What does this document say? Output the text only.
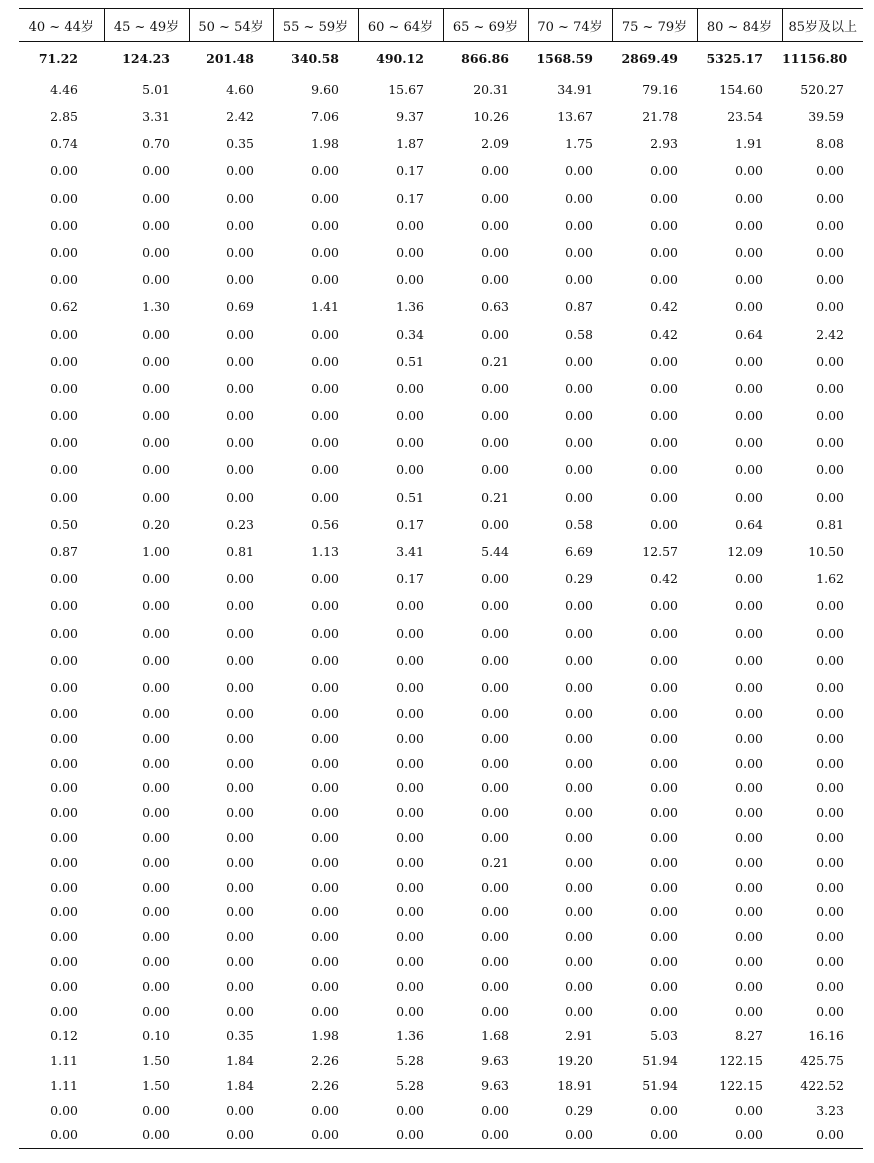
40 ~ 44岁	45 ~ 49岁	50 ~ 54岁	55 ~ 59岁	60 ~ 64岁	65 ~ 69岁	70 ~ 74岁	75 ~ 79岁	80 ~ 84岁	85岁及以上
71.22	124.23	201.48	340.58	490.12	866.86	1568.59	2869.49	5325.17	11156.80
4.46	5.01	4.60	9.60	15.67	20.31	34.91	79.16	154.60	520.27
2.85	3.31	2.42	7.06	9.37	10.26	13.67	21.78	23.54	39.59
0.74	0.70	0.35	1.98	1.87	2.09	1.75	2.93	1.91	8.08
0.00	0.00	0.00	0.00	0.17	0.00	0.00	0.00	0.00	0.00
0.00	0.00	0.00	0.00	0.17	0.00	0.00	0.00	0.00	0.00
0.00	0.00	0.00	0.00	0.00	0.00	0.00	0.00	0.00	0.00
0.00	0.00	0.00	0.00	0.00	0.00	0.00	0.00	0.00	0.00
0.00	0.00	0.00	0.00	0.00	0.00	0.00	0.00	0.00	0.00
0.62	1.30	0.69	1.41	1.36	0.63	0.87	0.42	0.00	0.00
0.00	0.00	0.00	0.00	0.34	0.00	0.58	0.42	0.64	2.42
0.00	0.00	0.00	0.00	0.51	0.21	0.00	0.00	0.00	0.00
0.00	0.00	0.00	0.00	0.00	0.00	0.00	0.00	0.00	0.00
0.00	0.00	0.00	0.00	0.00	0.00	0.00	0.00	0.00	0.00
0.00	0.00	0.00	0.00	0.00	0.00	0.00	0.00	0.00	0.00
0.00	0.00	0.00	0.00	0.00	0.00	0.00	0.00	0.00	0.00
0.00	0.00	0.00	0.00	0.51	0.21	0.00	0.00	0.00	0.00
0.50	0.20	0.23	0.56	0.17	0.00	0.58	0.00	0.64	0.81
0.87	1.00	0.81	1.13	3.41	5.44	6.69	12.57	12.09	10.50
0.00	0.00	0.00	0.00	0.17	0.00	0.29	0.42	0.00	1.62
0.00	0.00	0.00	0.00	0.00	0.00	0.00	0.00	0.00	0.00
0.00	0.00	0.00	0.00	0.00	0.00	0.00	0.00	0.00	0.00
0.00	0.00	0.00	0.00	0.00	0.00	0.00	0.00	0.00	0.00
0.00	0.00	0.00	0.00	0.00	0.00	0.00	0.00	0.00	0.00
0.00	0.00	0.00	0.00	0.00	0.00	0.00	0.00	0.00	0.00
0.00	0.00	0.00	0.00	0.00	0.00	0.00	0.00	0.00	0.00
0.00	0.00	0.00	0.00	0.00	0.00	0.00	0.00	0.00	0.00
0.00	0.00	0.00	0.00	0.00	0.00	0.00	0.00	0.00	0.00
0.00	0.00	0.00	0.00	0.00	0.00	0.00	0.00	0.00	0.00
0.00	0.00	0.00	0.00	0.00	0.00	0.00	0.00	0.00	0.00
0.00	0.00	0.00	0.00	0.00	0.21	0.00	0.00	0.00	0.00
0.00	0.00	0.00	0.00	0.00	0.00	0.00	0.00	0.00	0.00
0.00	0.00	0.00	0.00	0.00	0.00	0.00	0.00	0.00	0.00
0.00	0.00	0.00	0.00	0.00	0.00	0.00	0.00	0.00	0.00
0.00	0.00	0.00	0.00	0.00	0.00	0.00	0.00	0.00	0.00
0.00	0.00	0.00	0.00	0.00	0.00	0.00	0.00	0.00	0.00
0.00	0.00	0.00	0.00	0.00	0.00	0.00	0.00	0.00	0.00
0.12	0.10	0.35	1.98	1.36	1.68	2.91	5.03	8.27	16.16
1.11	1.50	1.84	2.26	5.28	9.63	19.20	51.94	122.15	425.75
1.11	1.50	1.84	2.26	5.28	9.63	18.91	51.94	122.15	422.52
0.00	0.00	0.00	0.00	0.00	0.00	0.29	0.00	0.00	3.23
0.00	0.00	0.00	0.00	0.00	0.00	0.00	0.00	0.00	0.00
